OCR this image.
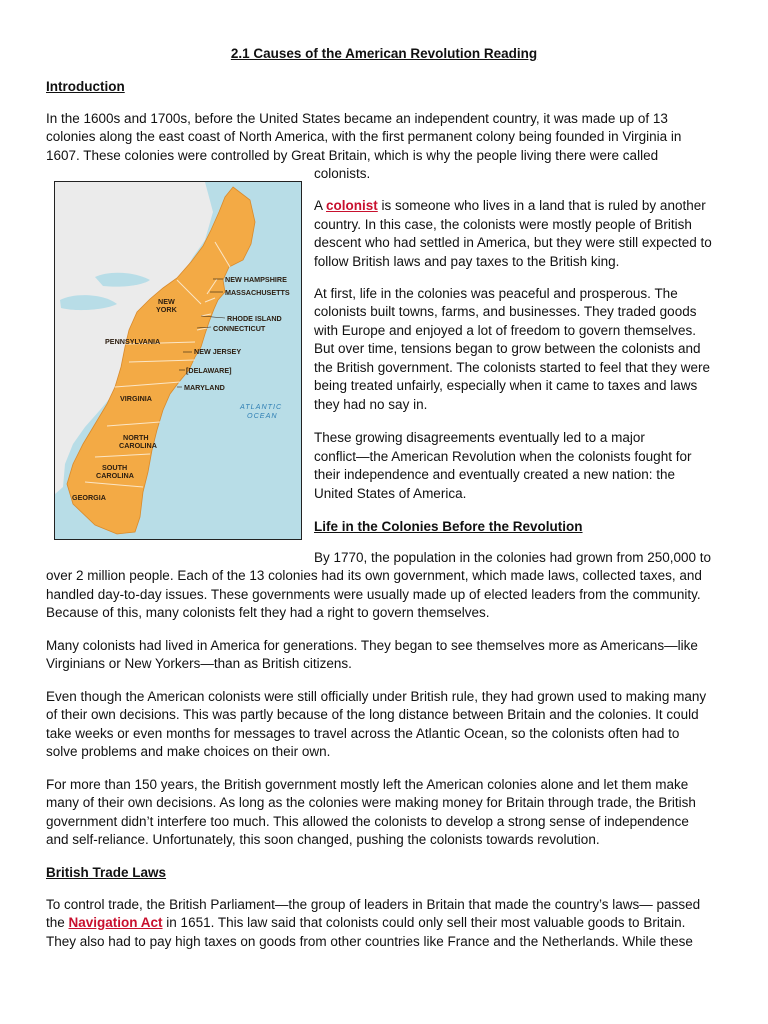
2.1 Causes of the American Revolution Reading
Introduction

In the 1600s and 1700s, before the United States became an independent country, it was made up of 13

colonies along the east coast of North America, with the first permanent colony being founded in Virginia in

1607. These colonies were controlled by Great Britain, which is why the people living there were called

colonists.

A colonist is someone who lives in a land that is ruled by another

country. In this case, the colonists were mostly people of British

descent who had settled in America, but they were still expected to

follow British laws and pay taxes to the British king.

At first, life in the colonies was peaceful and prosperous. The

colonists built towns, farms, and businesses. They traded goods

with Europe and enjoyed a lot of freedom to govern themselves.

But over time, tensions began to grow between the colonists and

the British government. The colonists started to feel that they were

being treated unfairly, especially when it came to taxes and laws

they had no say in.

These growing disagreements eventually led to a major

conflict—the American Revolution when the colonists fought for

their independence and eventually created a new nation: the

United States of America.

Life in the Colonies Before the Revolution

By 1770, the population in the colonies had grown from 250,000 to

over 2 million people. Each of the 13 colonies had its own government, which made laws, collected taxes, and

handled day-to-day issues. These governments were usually made up of elected leaders from the community.

Because of this, many colonists felt they had a right to govern themselves.

Many colonists had lived in America for generations. They began to see themselves more as Americans—like

Virginians or New Yorkers—than as British citizens.

Even though the American colonists were still officially under British rule, they had grown used to making many

of their own decisions. This was partly because of the long distance between Britain and the colonies. It could

take weeks or even months for messages to travel across the Atlantic Ocean, so the colonists often had to

solve problems and make choices on their own.

For more than 150 years, the British government mostly left the American colonies alone and let them make

many of their own decisions. As long as the colonies were making money for Britain through trade, the British

government didn’t interfere too much. This allowed the colonists to develop a strong sense of independence

and self-reliance. Unfortunately, this soon changed, pushing the colonists towards revolution.

British Trade Laws

To control trade, the British Parliament—the group of leaders in Britain that made the country’s laws— passed

the Navigation Act in 1651. This law said that colonists could only sell their most valuable goods to Britain.

They also had to pay high taxes on goods from other countries like France and the Netherlands. While these

NEW HAMPSHIRE
MASSACHUSETTS
NEW
YORK
RHODE ISLAND
CONNECTICUT
PENNSYLVANIA
NEW JERSEY
[DELAWARE]
MARYLAND
VIRGINIA
ATLANTIC
OCEAN
NORTH
CAROLINA
SOUTH
CAROLINA
GEORGIA
